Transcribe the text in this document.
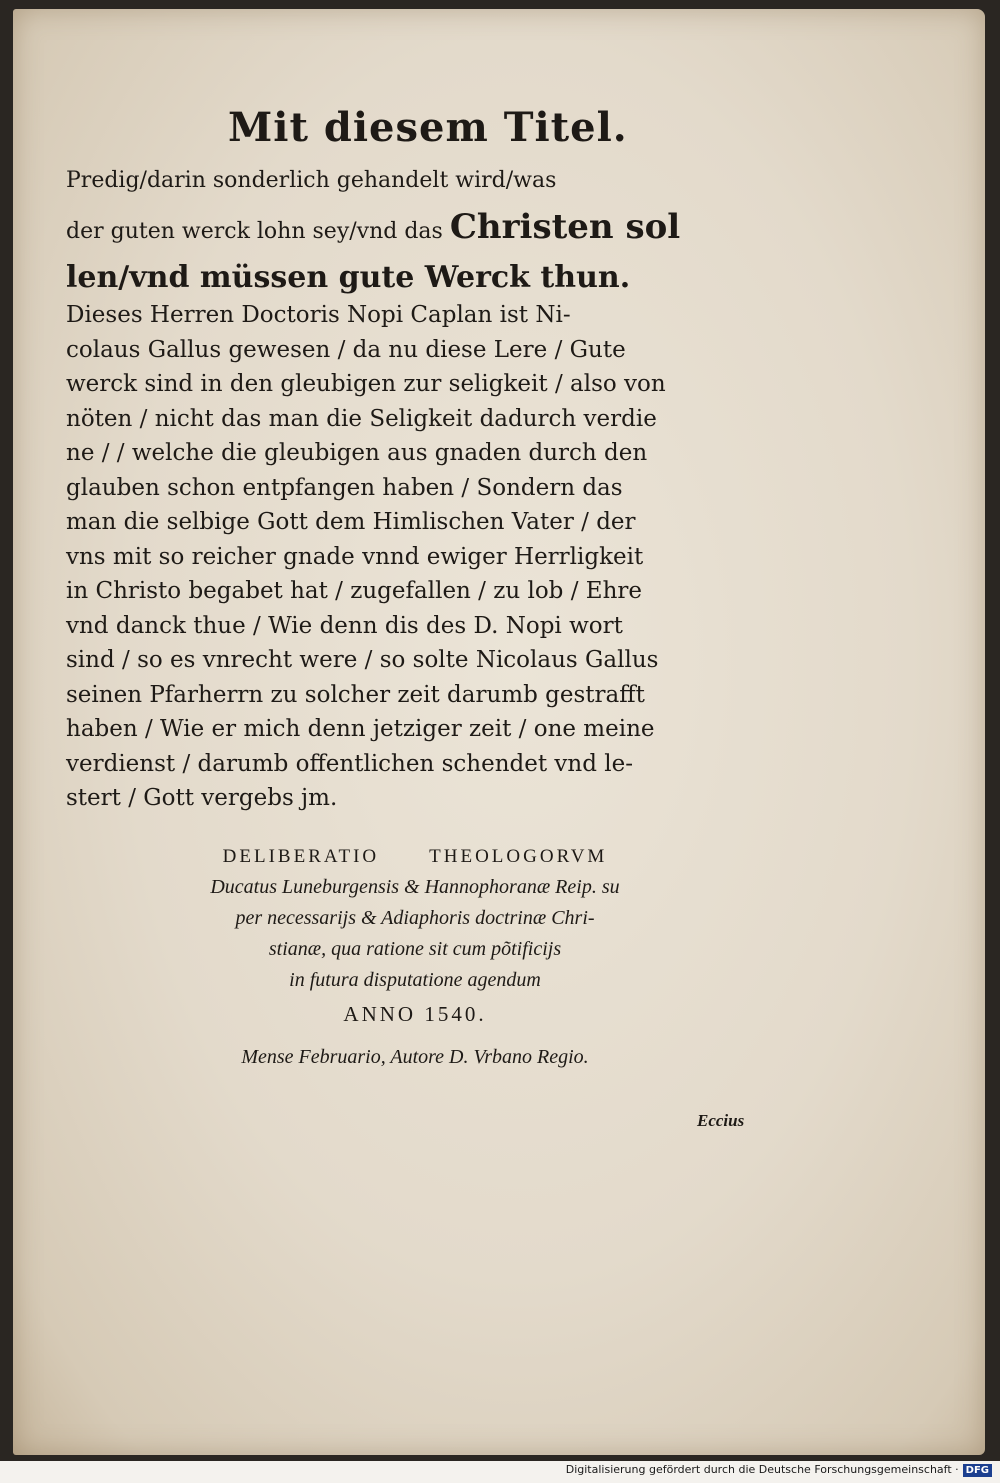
Mit diesem Titel.
Predig/darin sonderlich gehandelt wird/was
der guten werck lohn sey/vnd das Christen sol
len/vnd müssen gute Werck thun.
Dieses Herren Doctoris Nopi Caplan ist Ni-
colaus Gallus gewesen / da nu diese Lere / Gute
werck sind in den gleubigen zur seligkeit / also von
nöten / nicht das man die Seligkeit dadurch verdie
ne / / welche die gleubigen aus gnaden durch den
glauben schon entpfangen haben / Sondern das
man die selbige Gott dem Himlischen Vater / der
vns mit so reicher gnade vnnd ewiger Herrligkeit
in Christo begabet hat / zugefallen / zu lob / Ehre
vnd danck thue / Wie denn dis des D. Nopi wort
sind / so es vnrecht were / so solte Nicolaus Gallus
seinen Pfarherrn zu solcher zeit darumb gestrafft
haben / Wie er mich denn jetziger zeit / one meine
verdienst / darumb offentlichen schendet vnd le-
stert / Gott vergebs jm.
DELIBERATIO	THEOLOGORVM
Ducatus Luneburgensis & Hannophoranæ Reip. su
per necessarijs & Adiaphoris doctrinæ Chri-
stianæ, qua ratione sit cum põtificijs
in futura disputatione agendum
ANNO 1540.
Mense Februario, Autore D. Vrbano Regio.
Eccius
Digitalisierung gefördert durch die Deutsche Forschungsgemeinschaft · DFG
